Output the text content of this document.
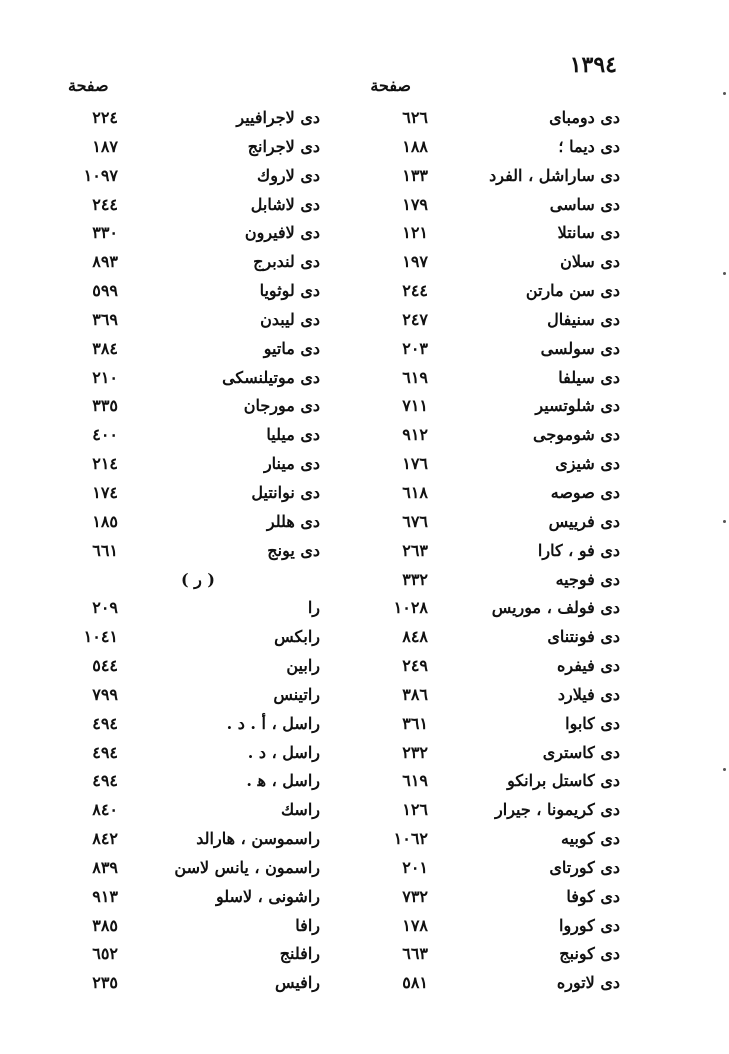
١٣٩٤
صفحة
صفحة
دی دومبای
٦٢٦
دی دیما ؛
١٨٨
دی ساراشل ، الفرد
١٣٣
دی ساسی
١٧٩
دی سانتلا
١٢١
دی سلان
١٩٧
دی سن مارتن
٢٤٤
دی سنیفال
٢٤٧
دی سولسی
٢٠٣
دی سیلفا
٦١٩
دی شلوتسیر
٧١١
دی شوموجی
٩١٢
دی شیزی
١٧٦
دی صوصه
٦١٨
دی فرییس
٦٧٦
دی فو ، کارا
٢٦٣
دی فوجیه
٣٣٢
دی فولف ، موریس
١٠٢٨
دی فونتنای
٨٤٨
دی فیفره
٢٤٩
دی فیلارد
٣٨٦
دی کابوا
٣٦١
دی کاستری
٢٣٢
دی کاستل برانکو
٦١٩
دی کریمونا ، جیرار
١٢٦
دی کوبیه
١٠٦٢
دی کورتای
٢٠١
دی کوفا
٧٣٢
دی کوروا
١٧٨
دی کونبج
٦٦٣
دی لاتوره
٥٨١
دی لاجرافییر
٢٢٤
دی لاجرانج
١٨٧
دی لاروك
١٠٩٧
دی لاشابل
٢٤٤
دی لافیرون
٣٣٠
دی لندبرج
٨٩٣
دی لوثویا
٥٩٩
دی لیبدن
٣٦٩
دی ماتیو
٣٨٤
دی موتیلنسکی
٢١٠
دی مورجان
٣٣٥
دی میلیا
٤٠٠
دی مینار
٢١٤
دی نوانتیل
١٧٤
دی هللر
١٨٥
دی یونج
٦٦١
( ر )
را
٢٠٩
رابکس
١٠٤١
رابین
٥٤٤
راتینس
٧٩٩
راسل ، أ . د .
٤٩٤
راسل ، د .
٤٩٤
راسل ، ﻫ .
٤٩٤
راسك
٨٤٠
راسموسن ، هارالد
٨٤٢
راسمون ، یانس لاسن
٨٣٩
راشونی ، لاسلو
٩١٣
رافا
٣٨٥
رافلنج
٦٥٢
رافیس
٢٣٥
